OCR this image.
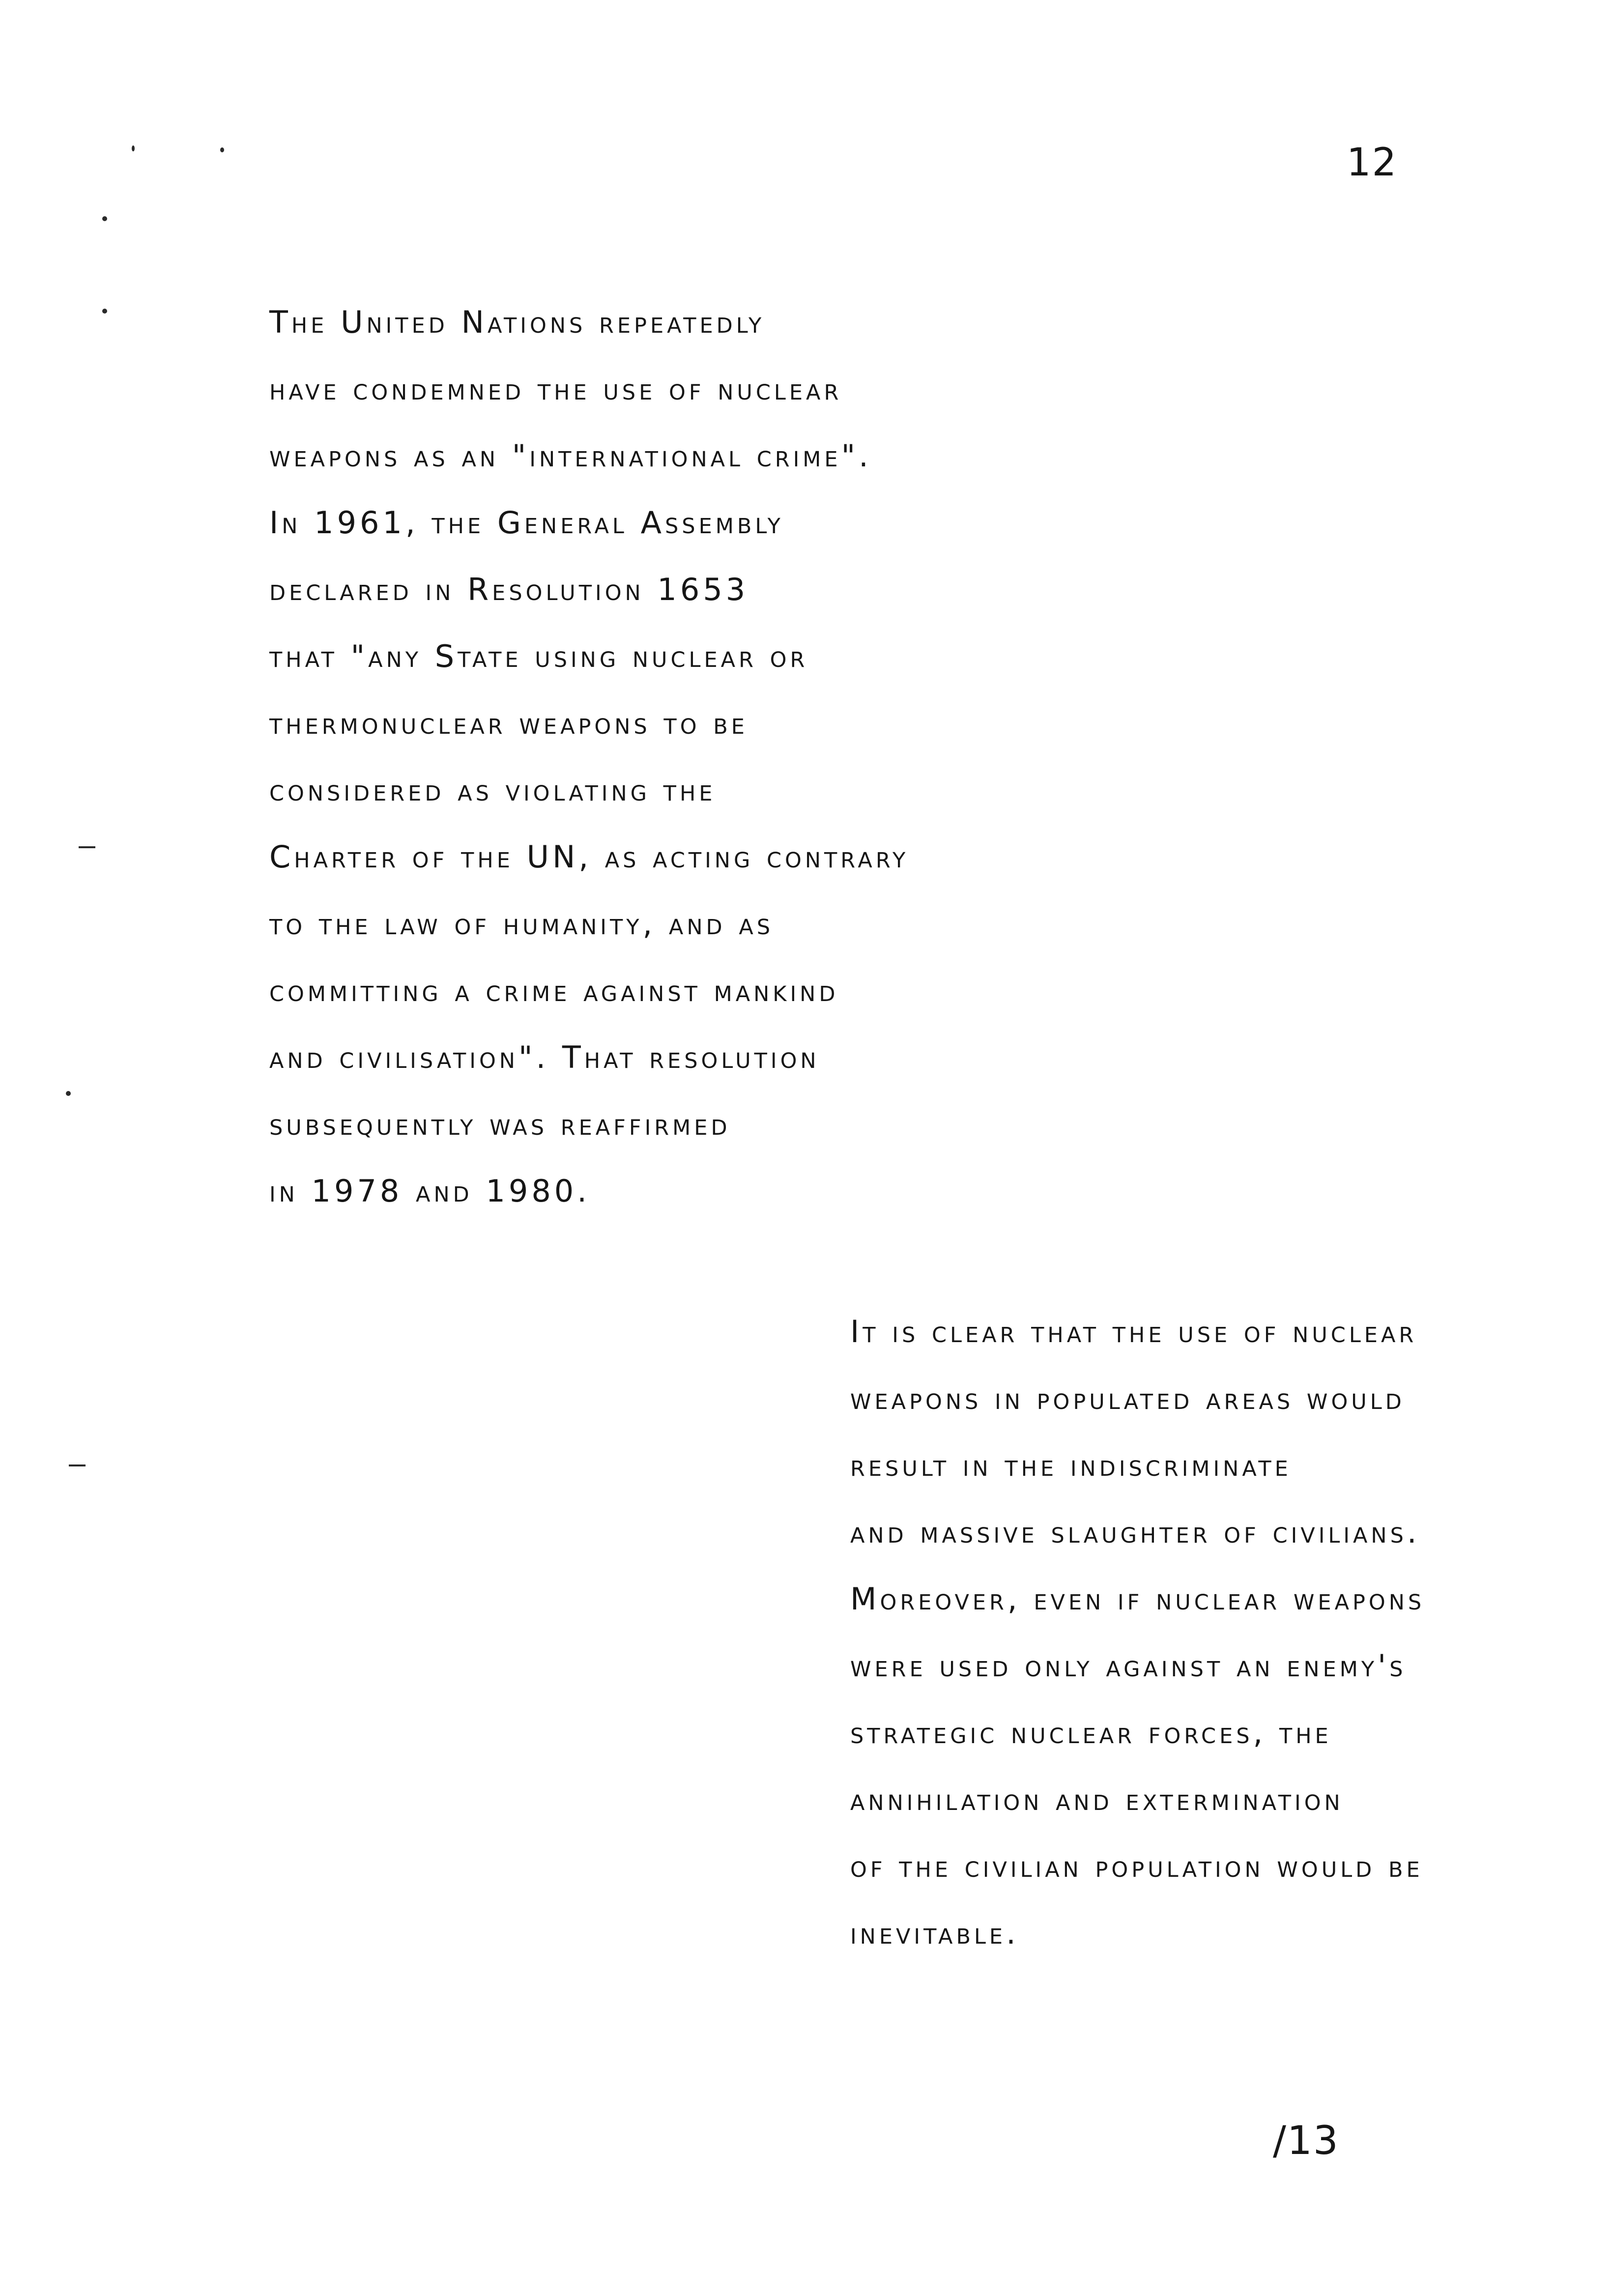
12
The United Nations repeatedly
have condemned the use of nuclear
weapons as an "international crime".
In 1961, the General Assembly
declared in Resolution 1653
that "any State using nuclear or
thermonuclear weapons to be
considered as violating the
Charter of the UN, as acting contrary
to the law of humanity, and as
committing a crime against mankind
and civilisation". That resolution
subsequently was reaffirmed
in 1978 and 1980.
It is clear that the use of nuclear
weapons in populated areas would
result in the indiscriminate
and massive slaughter of civilians.
Moreover, even if nuclear weapons
were used only against an enemy's
strategic nuclear forces, the
annihilation and extermination
of the civilian population would be
inevitable.
/13
